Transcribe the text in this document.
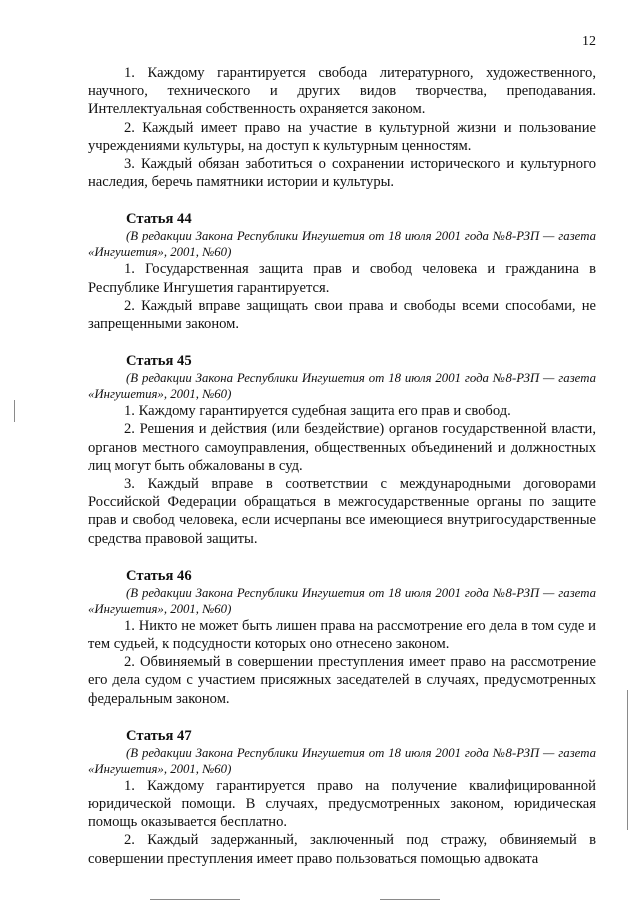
12

1. Каждому гарантируется свобода литературного, художественного, научного, технического и других видов творчества, преподавания. Интеллектуальная собственность охраняется законом.

2. Каждый имеет право на участие в культурной жизни и пользование учреждениями культуры, на доступ к культурным ценностям.

3. Каждый обязан заботиться о сохранении исторического и культурного наследия, беречь памятники истории и культуры.

Статья 44

(В редакции Закона Республики Ингушетия от 18 июля 2001 года №8-РЗП — газета «Ингушетия», 2001, №60)

1. Государственная защита прав и свобод человека и гражданина в Республике Ингушетия гарантируется.

2. Каждый вправе защищать свои права и свободы всеми способами, не запрещенными законом.

Статья 45

(В редакции Закона Республики Ингушетия от 18 июля 2001 года №8-РЗП — газета «Ингушетия», 2001, №60)

1. Каждому гарантируется судебная защита его прав и свобод.

2. Решения и действия (или бездействие) органов государственной власти, органов местного самоуправления, общественных объединений и должностных лиц могут быть обжалованы в суд.

3. Каждый вправе в соответствии с международными договорами Российской Федерации обращаться в межгосударственные органы по защите прав и свобод человека, если исчерпаны все имеющиеся внутригосударственные средства правовой защиты.

Статья 46

(В редакции Закона Республики Ингушетия от 18 июля 2001 года №8-РЗП — газета «Ингушетия», 2001, №60)

1. Никто не может быть лишен права на рассмотрение его дела в том суде и тем судьей, к подсудности которых оно отнесено законом.

2. Обвиняемый в совершении преступления имеет право на рассмотрение его дела судом с участием присяжных заседателей в случаях, предусмотренных федеральным законом.

Статья 47

(В редакции Закона Республики Ингушетия от 18 июля 2001 года №8-РЗП — газета «Ингушетия», 2001, №60)

1. Каждому гарантируется право на получение квалифицированной юридической помощи. В случаях, предусмотренных законом, юридическая помощь оказывается бесплатно.

2. Каждый задержанный, заключенный под стражу, обвиняемый в совершении преступления имеет право пользоваться помощью адвоката
